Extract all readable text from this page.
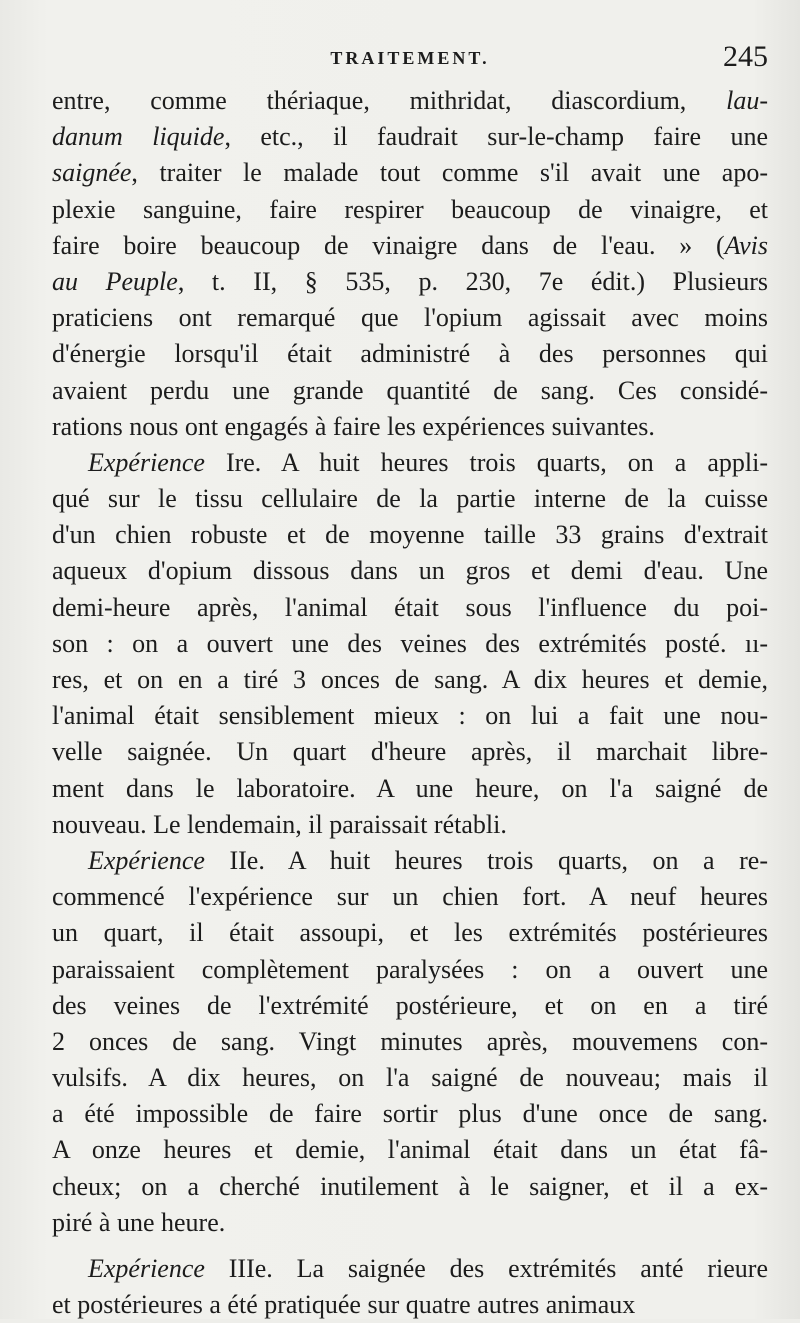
TRAITEMENT.	245
entre, comme thériaque, mithridat, diascordium, lau-
danum liquide, etc., il faudrait sur-le-champ faire une
saignée, traiter le malade tout comme s'il avait une apo-
plexie sanguine, faire respirer beaucoup de vinaigre, et
faire boire beaucoup de vinaigre dans de l'eau. » (Avis
au Peuple, t. II, § 535, p. 230, 7e édit.) Plusieurs
praticiens ont remarqué que l'opium agissait avec moins
d'énergie lorsqu'il était administré à des personnes qui
avaient perdu une grande quantité de sang. Ces considé-
rations nous ont engagés à faire les expériences suivantes.
Expérience Ire. A huit heures trois quarts, on a appli-
qué sur le tissu cellulaire de la partie interne de la cuisse
d'un chien robuste et de moyenne taille 33 grains d'extrait
aqueux d'opium dissous dans un gros et demi d'eau. Une
demi-heure après, l'animal était sous l'influence du poi-
son : on a ouvert une des veines des extrémités posté. ıı-
res, et on en a tiré 3 onces de sang. A dix heures et demie,
l'animal était sensiblement mieux : on lui a fait une nou-
velle saignée. Un quart d'heure après, il marchait libre-
ment dans le laboratoire. A une heure, on l'a saigné de
nouveau. Le lendemain, il paraissait rétabli.
Expérience IIe. A huit heures trois quarts, on a re-
commencé l'expérience sur un chien fort. A neuf heures
un quart, il était assoupi, et les extrémités postérieures
paraissaient complètement paralysées : on a ouvert une
des veines de l'extrémité postérieure, et on en a tiré
2 onces de sang. Vingt minutes après, mouvemens con-
vulsifs. A dix heures, on l'a saigné de nouveau; mais il
a été impossible de faire sortir plus d'une once de sang.
A onze heures et demie, l'animal était dans un état fâ-
cheux; on a cherché inutilement à le saigner, et il a ex-
piré à une heure.
Expérience IIIe. La saignée des extrémités anté rieure
et postérieures a été pratiquée sur quatre autres animaux
